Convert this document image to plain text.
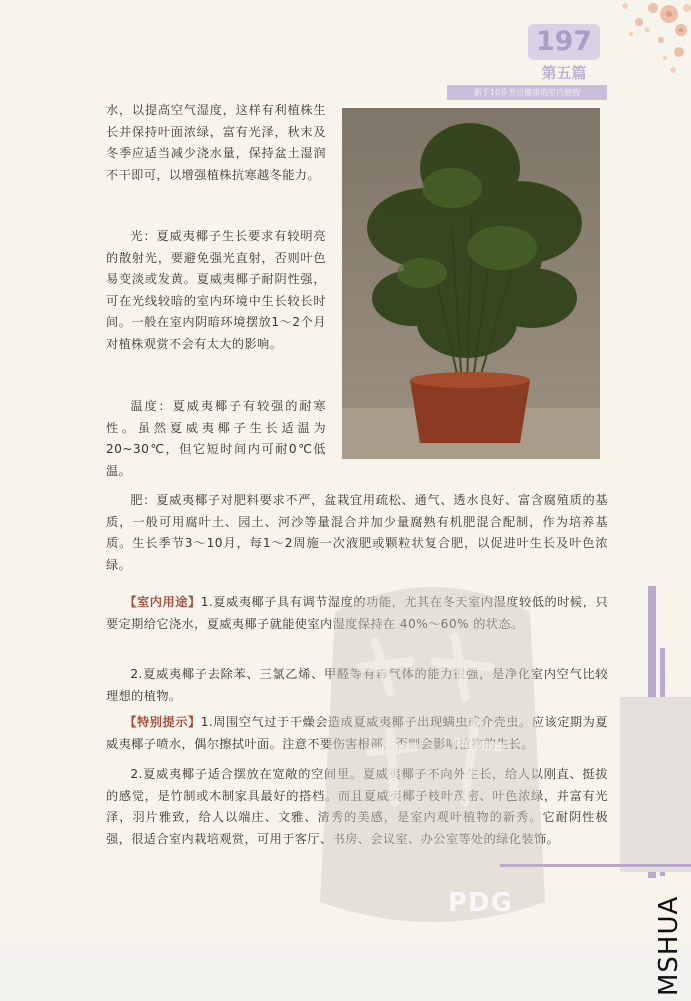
197
第五篇
新手10步养出健康的室内植物

水，以提高空气湿度，这样有利植株生长并保持叶面浓绿，富有光泽，秋末及冬季应适当减少浇水量，保持盆土湿润不干即可，以增强植株抗寒越冬能力。

光：夏威夷椰子生长要求有较明亮的散射光，要避免强光直射，否则叶色易变淡或发黄。夏威夷椰子耐阴性强，可在光线较暗的室内环境中生长较长时间。一般在室内阴暗环境摆放1～2个月对植株观赏不会有太大的影响。

温度：夏威夷椰子有较强的耐寒性。虽然夏威夷椰子生长适温为20~30℃，但它短时间内可耐0℃低温。

肥：夏威夷椰子对肥料要求不严，盆栽宜用疏松、通气、透水良好、富含腐殖质的基质，一般可用腐叶土、园土、河沙等量混合并加少量腐熟有机肥混合配制，作为培养基质。生长季节3～10月，每1～2周施一次液肥或颗粒状复合肥，以促进叶生长及叶色浓绿。

【室内用途】1.夏威夷椰子具有调节湿度的功能，尤其在冬天室内湿度较低的时候，只要定期给它浇水，夏威夷椰子就能使室内湿度保持在 40%～60% 的状态。

2.夏威夷椰子去除苯、三氯乙烯、甲醛等有毒气体的能力很强，是净化室内空气比较理想的植物。

【特别提示】1.周围空气过于干燥会造成夏威夷椰子出现螨虫或介壳虫。应该定期为夏威夷椰子喷水，偶尔擦拭叶面。注意不要伤害根部，否则会影响植物的生长。

2.夏威夷椰子适合摆放在宽敞的空间里。夏威夷椰子不向外生长，给人以刚直、挺拔的感觉，是竹制或木制家具最好的搭档。而且夏威夷椰子枝叶茂密、叶色浓绿，并富有光泽，羽片雅致，给人以端庄、文雅、清秀的美感，是室内观叶植物的新秀。它耐阴性极强，很适合室内栽培观赏，可用于客厅、书房、会议室、办公室等处的绿化装饰。

PDG	MSHUA
